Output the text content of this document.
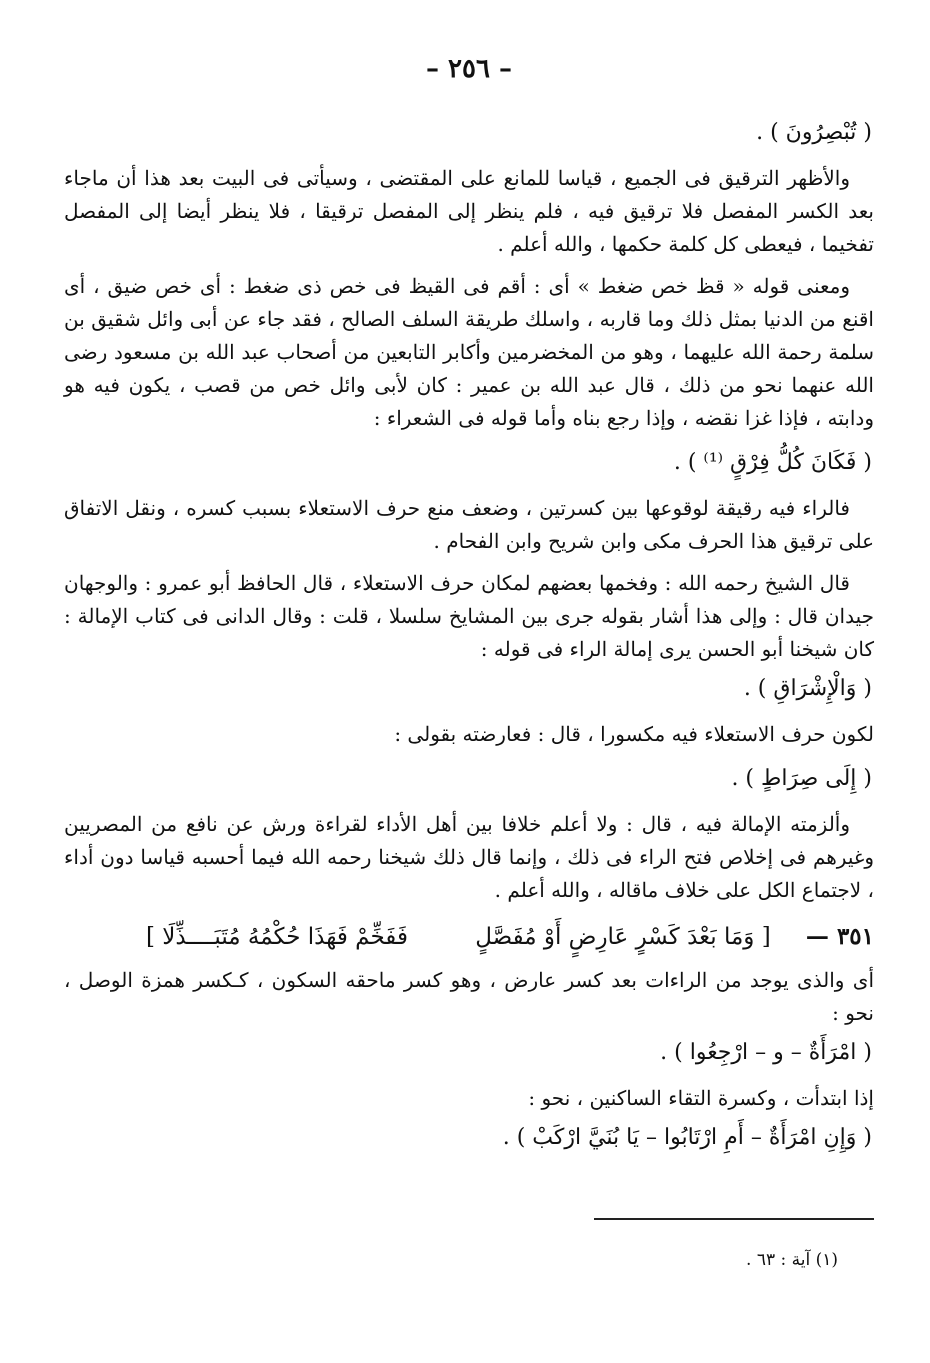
– ٢٥٦ –
( تُبْصِرُونَ ) .

والأظهر الترقيق فى الجميع ، قياسا للمانع على المقتضى ، وسيأتى فى البيت بعد هذا أن ماجاء بعد الكسر المفصل فلا ترقيق فيه ، فلم ينظر إلى المفصل ترقيقا ، فلا ينظر أيضا إلى المفصل تفخيما ، فيعطى كل كلمة حكمها ، والله أعلم .

ومعنى قوله « قظ خص ضغط » أى : أقم فى القيظ فى خص ذى ضغط : أى خص ضيق ، أى اقنع من الدنيا بمثل ذلك وما قاربه ، واسلك طريقة السلف الصالح ، فقد جاء عن أبى وائل شقيق بن سلمة رحمة الله عليهما ، وهو من المخضرمين وأكابر التابعين من أصحاب عبد الله بن مسعود رضى الله عنهما نحو من ذلك ، قال عبد الله بن عمير : كان لأبى وائل خص من قصب ، يكون فيه هو ودابته ، فإذا غزا نقضه ، وإذا رجع بناه وأما قوله فى الشعراء :

( فَكَانَ كُلُّ فِرْقٍ ⁽¹⁾ ) .

فالراء فيه رقيقة لوقوعها بين كسرتين ، وضعف منع حرف الاستعلاء بسبب كسره ، ونقل الاتفاق على ترقيق هذا الحرف مكى وابن شريح وابن الفحام .

قال الشيخ رحمه الله : وفخمها بعضهم لمكان حرف الاستعلاء ، قال الحافظ أبو عمرو : والوجهان جيدان قال : وإلى هذا أشار بقوله جرى بين المشايخ سلسلا ، قلت : وقال الدانى فى كتاب الإمالة : كان شيخنا أبو الحسن يرى إمالة الراء فى قوله :

( وَالْإِشْرَاقِ ) .

لكون حرف الاستعلاء فيه مكسورا ، قال : فعارضته بقولى :

( إِلَى صِرَاطٍ ) .

وألزمته الإمالة فيه ، قال : ولا أعلم خلافا بين أهل الأداء لقراءة ورش عن نافع من المصريين وغيرهم فى إخلاص فتح الراء فى ذلك ، وإنما قال ذلك شيخنا رحمه الله فيما أحسبه قياسا دون أداء ، لاجتماع الكل على خلاف ماقاله ، والله أعلم .

٣٥١ —
[ وَمَا بَعْدَ كَسْرٍ عَارِضٍ أَوْ مُفَصَّلٍ
فَفَخِّمْ فَهَذَا حُكْمُهُ مُتَبَــــذِّلَا ]

أى والذى يوجد من الراءات بعد كسر عارض ، وهو كسر ماحقه السكون ، كـكسر همزة الوصل ، نحو :

( امْرَأَةٌ – و – ارْجِعُوا ) .

إذا ابتدأت ، وكسرة التقاء الساكنين ، نحو :

( وَإِنِ امْرَأَةٌ – أَمِ ارْتَابُوا – يَا بُنَيَّ ارْكَبْ ) .
(١) آية : ٦٣ .
